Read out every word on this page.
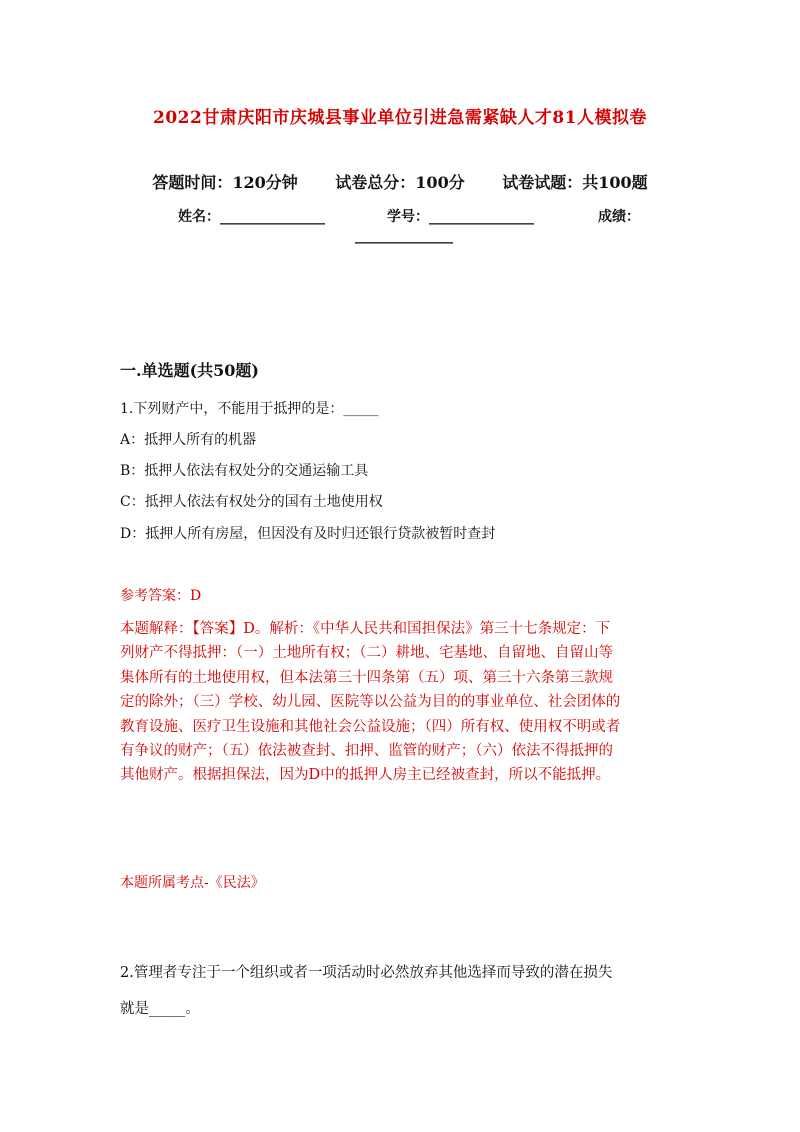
2022甘肃庆阳市庆城县事业单位引进急需紧缺人才81人模拟卷
答题时间：120分钟 试卷总分：100分 试卷试题：共100题
姓名：_______________	学号：_______________	成绩：
______________
一.单选题(共50题)
1.下列财产中，不能用于抵押的是：_____
A：抵押人所有的机器
B：抵押人依法有权处分的交通运输工具
C：抵押人依法有权处分的国有土地使用权
D：抵押人所有房屋，但因没有及时归还银行贷款被暂时查封
参考答案：D
本题解释：【答案】D。解析：《中华人民共和国担保法》第三十七条规定：下
列财产不得抵押：（一）土地所有权；（二）耕地、宅基地、自留地、自留山等
集体所有的土地使用权，但本法第三十四条第（五）项、第三十六条第三款规
定的除外；（三）学校、幼儿园、医院等以公益为目的的事业单位、社会团体的
教育设施、医疗卫生设施和其他社会公益设施；（四）所有权、使用权不明或者
有争议的财产；（五）依法被查封、扣押、监管的财产；（六）依法不得抵押的
其他财产。根据担保法，因为D中的抵押人房主已经被查封，所以不能抵押。
本题所属考点-《民法》
2.管理者专注于一个组织或者一项活动时必然放弃其他选择而导致的潜在损失
就是_____。
